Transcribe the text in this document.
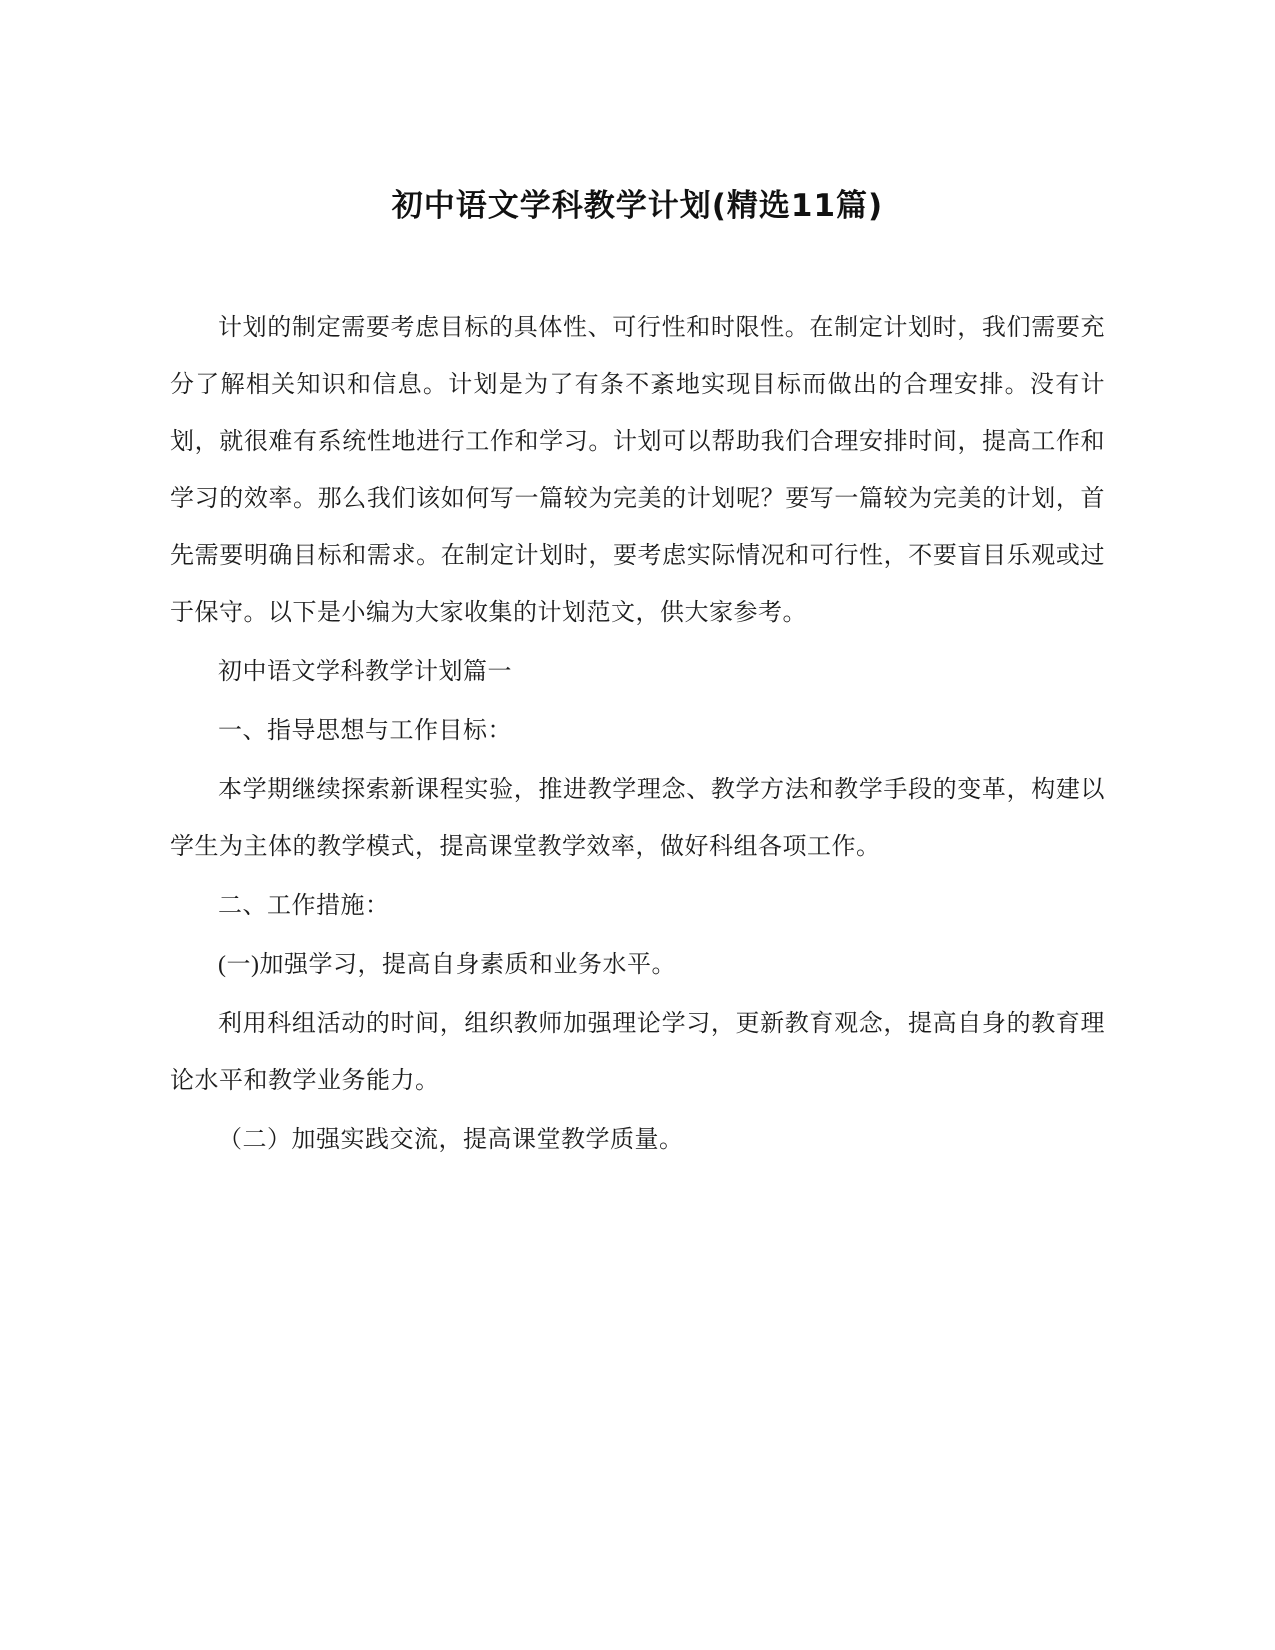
初中语文学科教学计划(精选11篇)

计划的制定需要考虑目标的具体性、可行性和时限性。在制定计划时，我们需要充分了解相关知识和信息。计划是为了有条不紊地实现目标而做出的合理安排。没有计划，就很难有系统性地进行工作和学习。计划可以帮助我们合理安排时间，提高工作和学习的效率。那么我们该如何写一篇较为完美的计划呢？要写一篇较为完美的计划，首先需要明确目标和需求。在制定计划时，要考虑实际情况和可行性，不要盲目乐观或过于保守。以下是小编为大家收集的计划范文，供大家参考。

初中语文学科教学计划篇一

一、指导思想与工作目标：

本学期继续探索新课程实验，推进教学理念、教学方法和教学手段的变革，构建以学生为主体的教学模式，提高课堂教学效率，做好科组各项工作。

二、工作措施：

(一)加强学习，提高自身素质和业务水平。

利用科组活动的时间，组织教师加强理论学习，更新教育观念，提高自身的教育理论水平和教学业务能力。

（二）加强实践交流，提高课堂教学质量。
